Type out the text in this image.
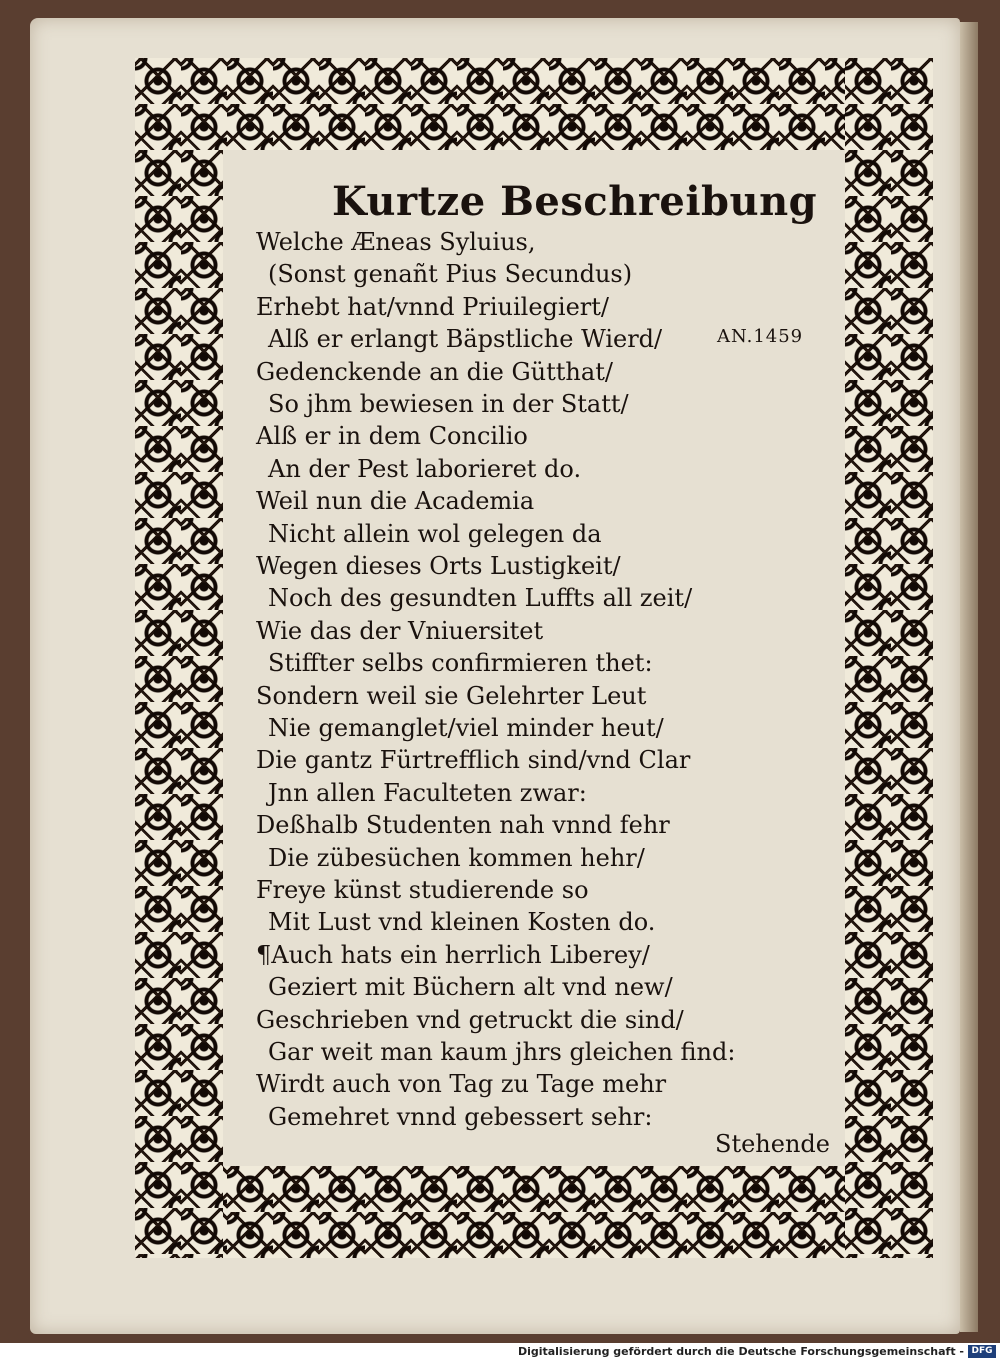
Kurtze Beschreibung
Welche Æneas Syluius,
(Sonst genañt Pius Secundus)
Erhebt hat/vnnd Priuilegiert/
Alß er erlangt Bäpstliche Wierd/
Gedenckende an die Gütthat/
So jhm bewiesen in der Statt/
Alß er in dem Concilio
An der Pest laborieret do.
Weil nun die Academia
Nicht allein wol gelegen da
Wegen dieses Orts Lustigkeit/
Noch des gesundten Luffts all zeit/
Wie das der Vniuersitet
Stiffter selbs confirmieren thet:
Sondern weil sie Gelehrter Leut
Nie gemanglet/viel minder heut/
Die gantz Fürtrefflich sind/vnd Clar
Jnn allen Faculteten zwar:
Deßhalb Studenten nah vnnd fehr
Die zübesüchen kommen hehr/
Freye künst studierende so
Mit Lust vnd kleinen Kosten do.
¶Auch hats ein herrlich Liberey/
Geziert mit Büchern alt vnd new/
Geschrieben vnd getruckt die sind/
Gar weit man kaum jhrs gleichen find:
Wirdt auch von Tag zu Tage mehr
Gemehret vnnd gebessert sehr:
Stehende
AN.1459
Digitalisierung gefördert durch die Deutsche Forschungsgemeinschaft - DFG
